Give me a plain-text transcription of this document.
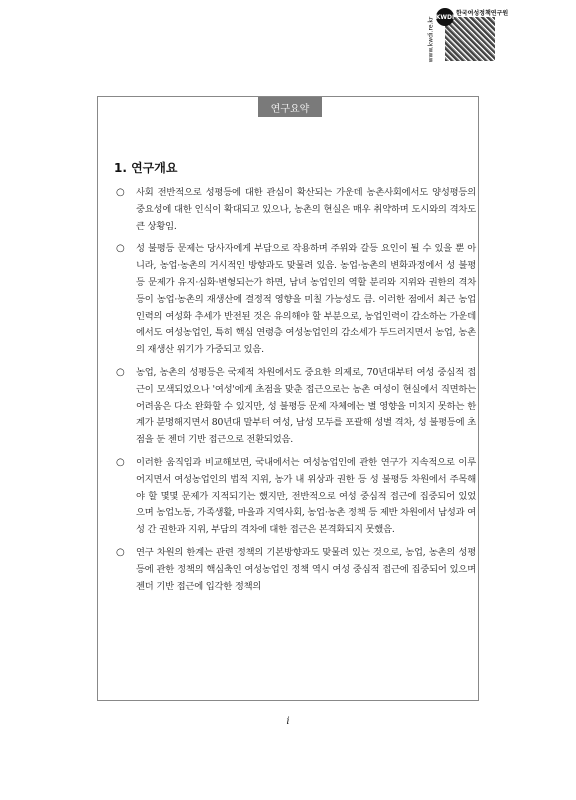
KWDI 한국여성정책연구원
www.kwdi.re.kr
연구요약
1. 연구개요
○ 사회 전반적으로 성평등에 대한 관심이 확산되는 가운데 농촌사회에서도 양성평등의 중요성에 대한 인식이 확대되고 있으나, 농촌의 현실은 매우 취약하며 도시와의 격차도 큰 상황임.
○ 성 불평등 문제는 당사자에게 부담으로 작용하며 주위와 갈등 요인이 될 수 있을 뿐 아니라, 농업·농촌의 거시적인 방향과도 맞물려 있음. 농업·농촌의 변화과정에서 성 불평등 문제가 유지·심화·변형되는가 하면, 남녀 농업인의 역할 분리와 지위와 권한의 격차 등이 농업·농촌의 재생산에 결정적 영향을 미칠 가능성도 큼. 이러한 점에서 최근 농업 인력의 여성화 추세가 반전된 것은 유의해야 할 부분으로, 농업인력이 감소하는 가운데에서도 여성농업인, 특히 핵심 연령층 여성농업인의 감소세가 두드러지면서 농업, 농촌의 재생산 위기가 가중되고 있음.
○ 농업, 농촌의 성평등은 국제적 차원에서도 중요한 의제로, 70년대부터 여성 중심적 접근이 모색되었으나 '여성'에게 초점을 맞춘 접근으로는 농촌 여성이 현실에서 직면하는 어려움은 다소 완화할 수 있지만, 성 불평등 문제 자체에는 별 영향을 미치지 못하는 한계가 분명해지면서 80년대 말부터 여성, 남성 모두를 포괄해 성별 격차, 성 불평등에 초점을 둔 젠더 기반 접근으로 전환되었음.
○ 이러한 움직임과 비교해보면, 국내에서는 여성농업인에 관한 연구가 지속적으로 이루어지면서 여성농업인의 법적 지위, 농가 내 위상과 권한 등 성 불평등 차원에서 주목해야 할 몇몇 문제가 지적되기는 했지만, 전반적으로 여성 중심적 접근에 집중되어 있었으며 농업노동, 가족생활, 마을과 지역사회, 농업·농촌 정책 등 제반 차원에서 남성과 여성 간 권한과 지위, 부담의 격차에 대한 접근은 본격화되지 못했음.
○ 연구 차원의 한계는 관련 정책의 기본방향과도 맞물려 있는 것으로, 농업, 농촌의 성평등에 관한 정책의 핵심축인 여성농업인 정책 역시 여성 중심적 접근에 집중되어 있으며 젠더 기반 접근에 입각한 정책의
i
